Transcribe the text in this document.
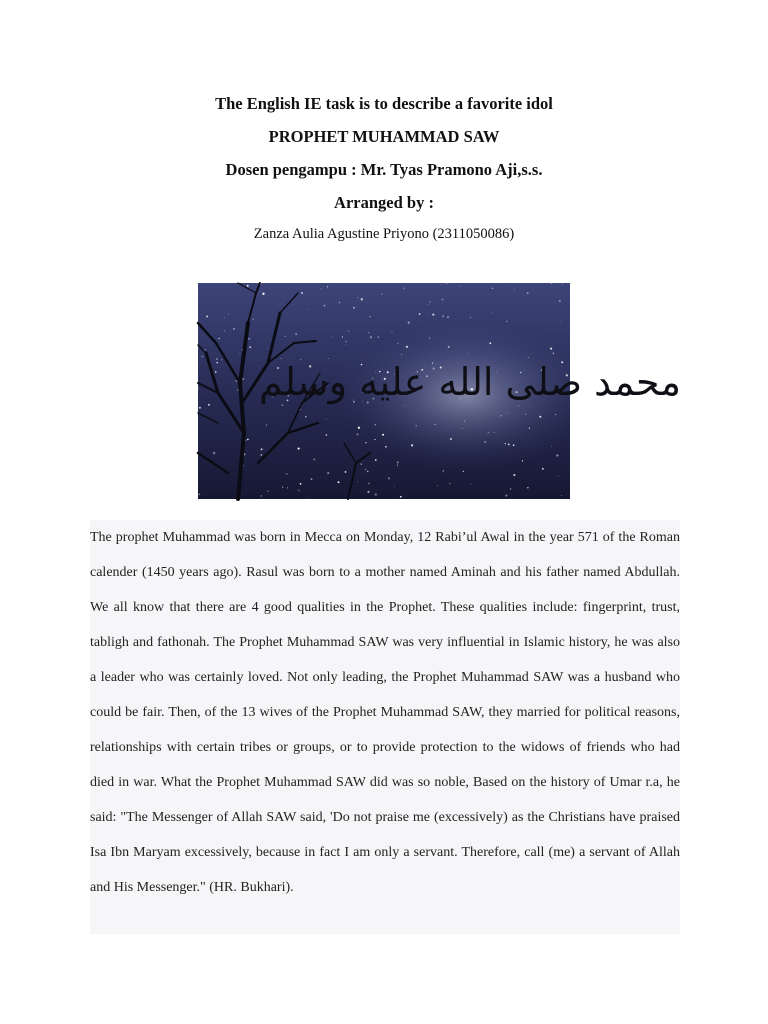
The English IE task is to describe a favorite idol
PROPHET MUHAMMAD SAW
Dosen pengampu : Mr. Tyas Pramono Aji,s.s.
Arranged by :

Zanza Aulia Agustine Priyono (2311050086)

محمد صلى الله عليه وسلم

The prophet Muhammad was born in Mecca on Monday, 12 Rabi’ul Awal in the year 571 of the Roman calender (1450 years ago). Rasul was born to a mother named Aminah and his father named Abdullah. We all know that there are 4 good qualities in the Prophet. These qualities include: fingerprint, trust, tabligh and fathonah. The Prophet Muhammad SAW was very influential in Islamic history, he was also a leader who was certainly loved. Not only leading, the Prophet Muhammad SAW was a husband who could be fair. Then, of the 13 wives of the Prophet Muhammad SAW, they married for political reasons, relationships with certain tribes or groups, or to provide protection to the widows of friends who had died in war. What the Prophet Muhammad SAW did was so noble, Based on the history of Umar r.a, he said: "The Messenger of Allah SAW said, 'Do not praise me (excessively) as the Christians have praised Isa Ibn Maryam excessively, because in fact I am only a servant. Therefore, call (me) a servant of Allah and His Messenger." (HR. Bukhari).
